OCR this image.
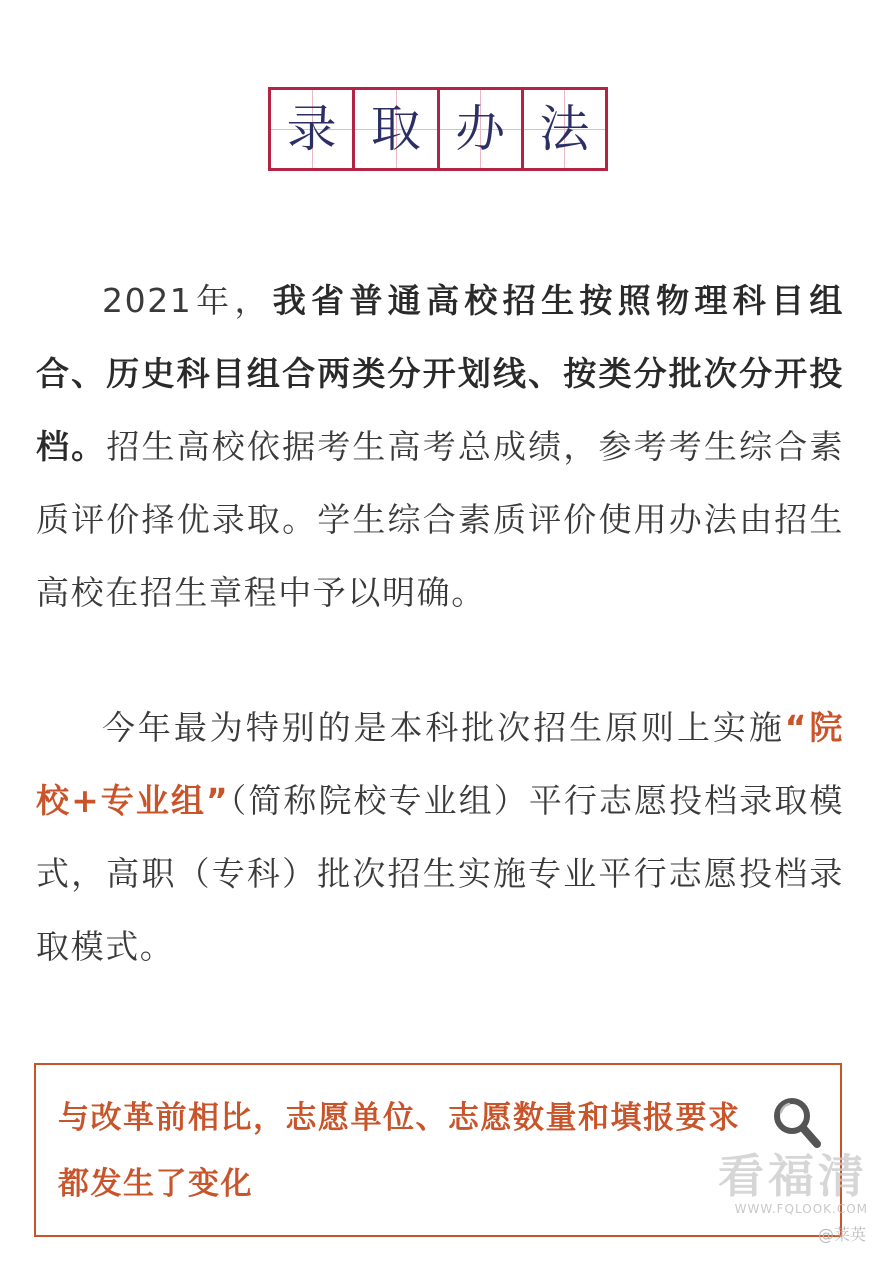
录 取 办 法

2021年，我省普通高校招生按照物理科目组合、历史科目组合两类分开划线、按类分批次分开投档。招生高校依据考生高考总成绩，参考考生综合素质评价择优录取。学生综合素质评价使用办法由招生高校在招生章程中予以明确。

今年最为特别的是本科批次招生原则上实施“院校+专业组”（简称院校专业组）平行志愿投档录取模式，高职（专科）批次招生实施专业平行志愿投档录取模式。

与改革前相比，志愿单位、志愿数量和填报要求都发生了变化	看福清
WWW.FQLOOK.COM
@莱英
